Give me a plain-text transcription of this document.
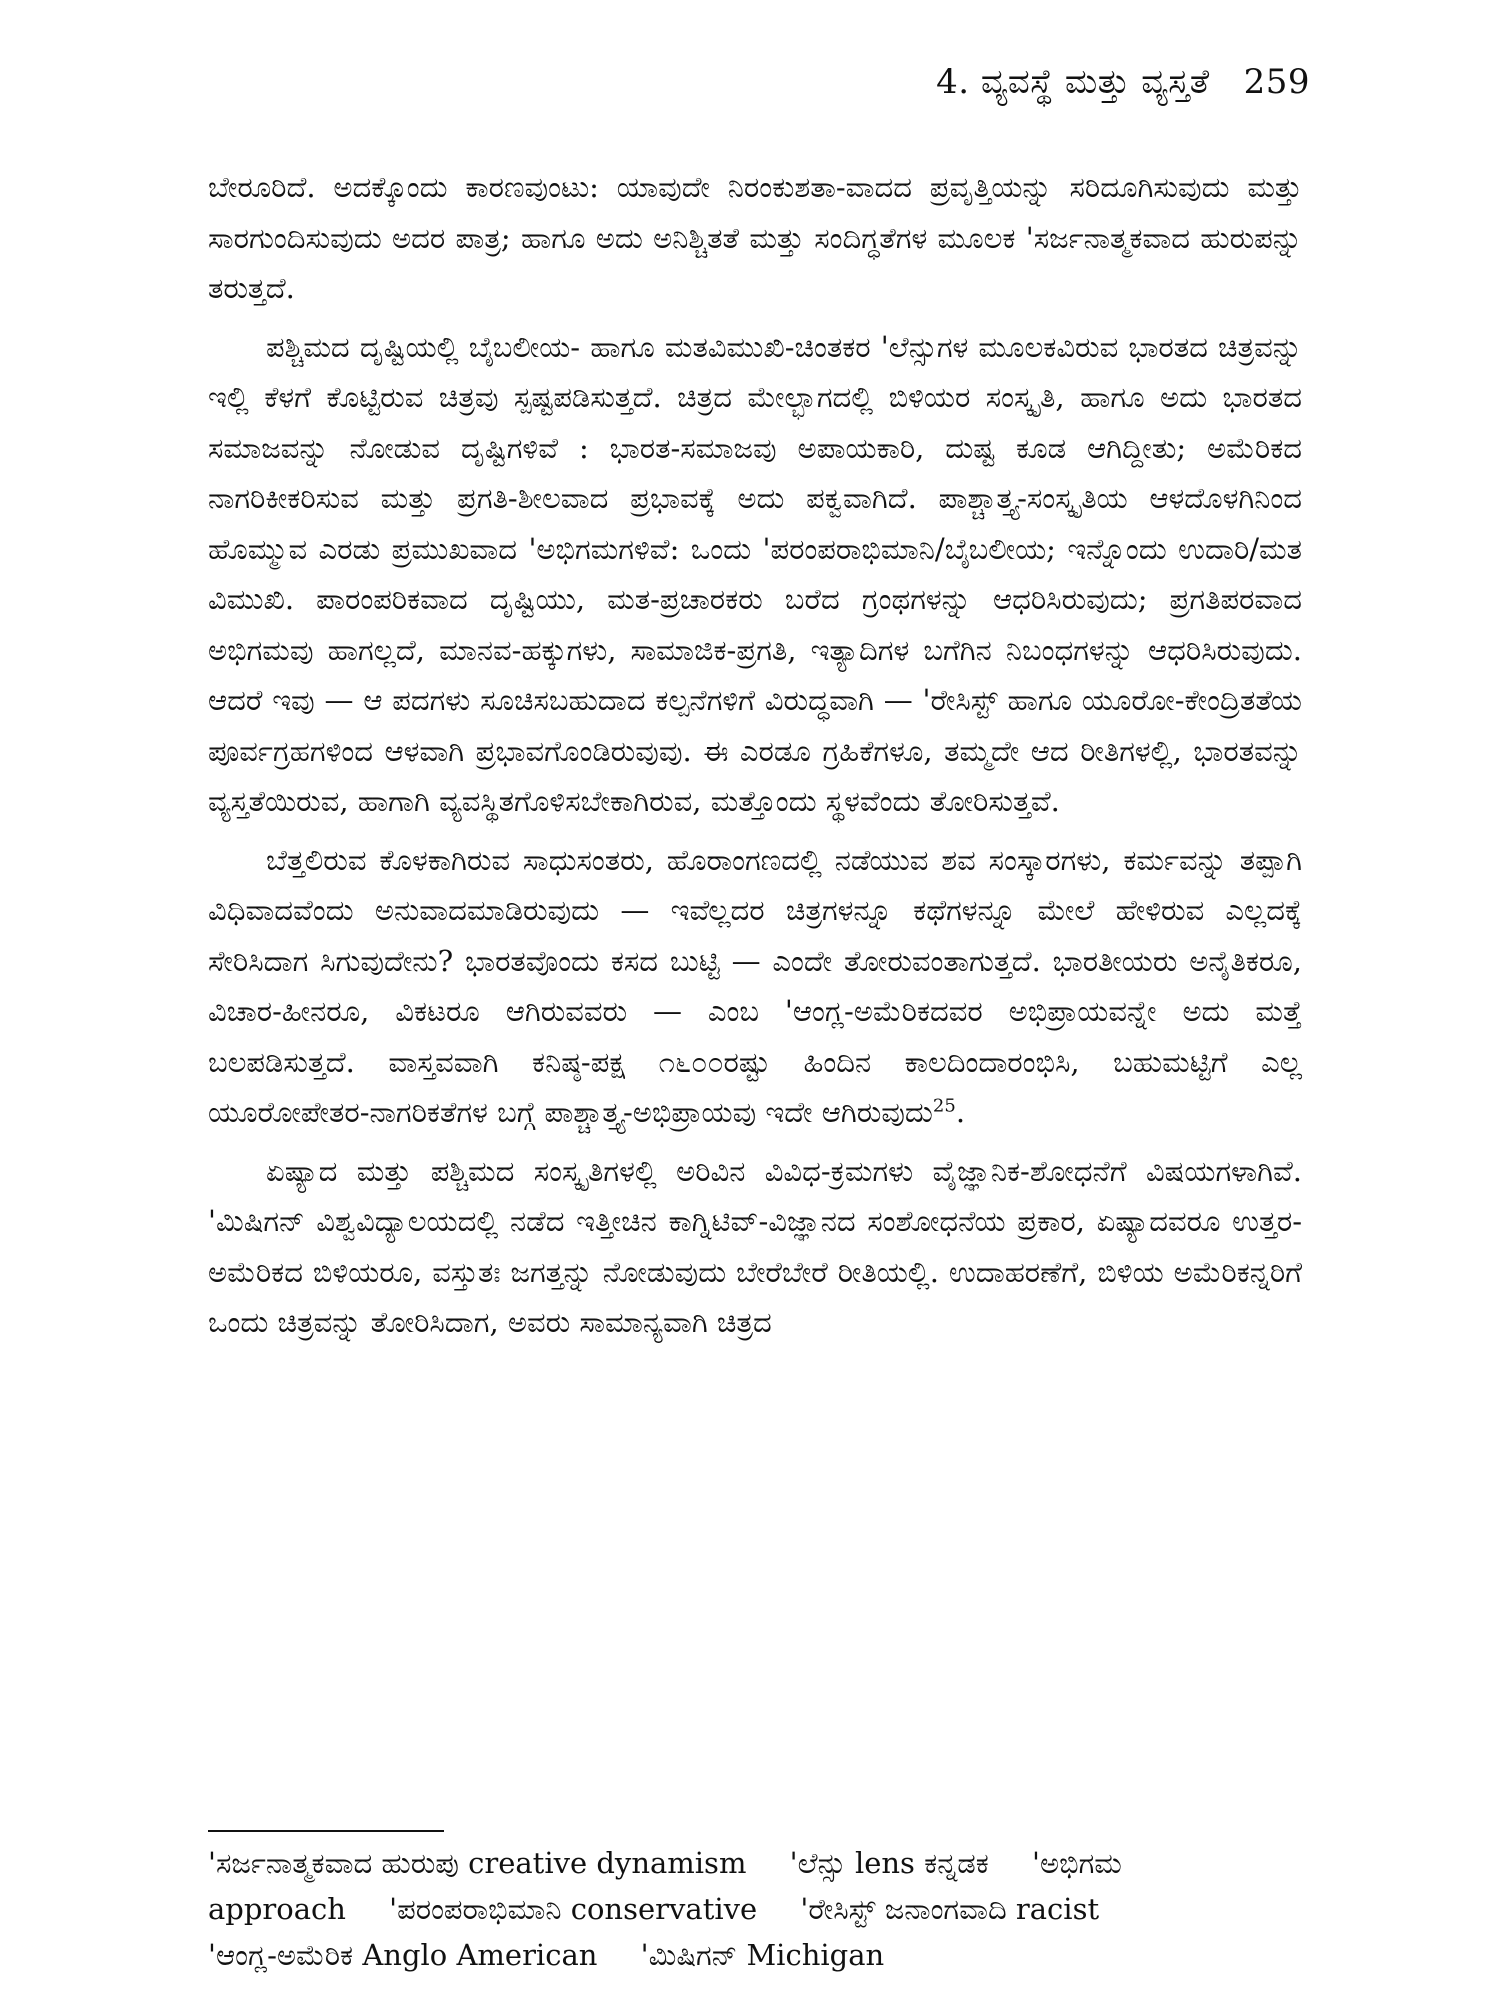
4. ವ್ಯವಸ್ಥೆ ಮತ್ತು ವ್ಯಸ್ತತೆ 259

ಬೇರೂರಿದೆ. ಅದಕ್ಕೊಂದು ಕಾರಣವುಂಟು: ಯಾವುದೇ ನಿರಂಕುಶತಾ-ವಾದದ ಪ್ರವೃತ್ತಿಯನ್ನು ಸರಿದೂಗಿಸುವುದು ಮತ್ತು ಸಾರಗುಂದಿಸುವುದು ಅದರ ಪಾತ್ರ; ಹಾಗೂ ಅದು ಅನಿಶ್ಚಿತತೆ ಮತ್ತು ಸಂದಿಗ್ಧತೆಗಳ ಮೂಲಕ 'ಸರ್ಜನಾತ್ಮಕವಾದ ಹುರುಪನ್ನು ತರುತ್ತದೆ.

ಪಶ್ಚಿಮದ ದೃಷ್ಟಿಯಲ್ಲಿ ಬೈಬಲೀಯ- ಹಾಗೂ ಮತವಿಮುಖಿ-ಚಿಂತಕರ 'ಲೆನ್ಸುಗಳ ಮೂಲಕವಿರುವ ಭಾರತದ ಚಿತ್ರವನ್ನು ಇಲ್ಲಿ ಕೆಳಗೆ ಕೊಟ್ಟಿರುವ ಚಿತ್ರವು ಸ್ಪಷ್ಟಪಡಿಸುತ್ತದೆ. ಚಿತ್ರದ ಮೇಲ್ಭಾಗದಲ್ಲಿ ಬಿಳಿಯರ ಸಂಸ್ಕೃತಿ, ಹಾಗೂ ಅದು ಭಾರತದ ಸಮಾಜವನ್ನು ನೋಡುವ ದೃಷ್ಟಿಗಳಿವೆ : ಭಾರತ-ಸಮಾಜವು ಅಪಾಯಕಾರಿ, ದುಷ್ಟ ಕೂಡ ಆಗಿದ್ದೀತು; ಅಮೆರಿಕದ ನಾಗರಿಕೀಕರಿಸುವ ಮತ್ತು ಪ್ರಗತಿ-ಶೀಲವಾದ ಪ್ರಭಾವಕ್ಕೆ ಅದು ಪಕ್ವವಾಗಿದೆ. ಪಾಶ್ಚಾತ್ತ್ಯ-ಸಂಸ್ಕೃತಿಯ ಆಳದೊಳಗಿನಿಂದ ಹೊಮ್ಮುವ ಎರಡು ಪ್ರಮುಖವಾದ 'ಅಭಿಗಮಗಳಿವೆ: ಒಂದು 'ಪರಂಪರಾಭಿಮಾನಿ/ಬೈಬಲೀಯ; ಇನ್ನೊಂದು ಉದಾರಿ/ಮತ ವಿಮುಖಿ. ಪಾರಂಪರಿಕವಾದ ದೃಷ್ಟಿಯು, ಮತ-ಪ್ರಚಾರಕರು ಬರೆದ ಗ್ರಂಥಗಳನ್ನು ಆಧರಿಸಿರುವುದು; ಪ್ರಗತಿಪರವಾದ ಅಭಿಗಮವು ಹಾಗಲ್ಲದೆ, ಮಾನವ-ಹಕ್ಕುಗಳು, ಸಾಮಾಜಿಕ-ಪ್ರಗತಿ, ಇತ್ಯಾದಿಗಳ ಬಗೆಗಿನ ನಿಬಂಧಗಳನ್ನು ಆಧರಿಸಿರುವುದು. ಆದರೆ ಇವು — ಆ ಪದಗಳು ಸೂಚಿಸಬಹುದಾದ ಕಲ್ಪನೆಗಳಿಗೆ ವಿರುದ್ಧವಾಗಿ — 'ರೇಸಿಸ್ಟ್ ಹಾಗೂ ಯೂರೋ-ಕೇಂದ್ರಿತತೆಯ ಪೂರ್ವಗ್ರಹಗಳಿಂದ ಆಳವಾಗಿ ಪ್ರಭಾವಗೊಂಡಿರುವುವು. ಈ ಎರಡೂ ಗ್ರಹಿಕೆಗಳೂ, ತಮ್ಮದೇ ಆದ ರೀತಿಗಳಲ್ಲಿ, ಭಾರತವನ್ನು ವ್ಯಸ್ತತೆಯಿರುವ, ಹಾಗಾಗಿ ವ್ಯವಸ್ಥಿತಗೊಳಿಸಬೇಕಾಗಿರುವ, ಮತ್ತೊಂದು ಸ್ಥಳವೆಂದು ತೋರಿಸುತ್ತವೆ.

ಬೆತ್ತಲಿರುವ ಕೊಳಕಾಗಿರುವ ಸಾಧುಸಂತರು, ಹೊರಾಂಗಣದಲ್ಲಿ ನಡೆಯುವ ಶವ ಸಂಸ್ಕಾರಗಳು, ಕರ್ಮವನ್ನು ತಪ್ಪಾಗಿ ವಿಧಿವಾದವೆಂದು ಅನುವಾದಮಾಡಿರುವುದು — ಇವೆಲ್ಲದರ ಚಿತ್ರಗಳನ್ನೂ ಕಥೆಗಳನ್ನೂ ಮೇಲೆ ಹೇಳಿರುವ ಎಲ್ಲದಕ್ಕೆ ಸೇರಿಸಿದಾಗ ಸಿಗುವುದೇನು? ಭಾರತವೊಂದು ಕಸದ ಬುಟ್ಟಿ — ಎಂದೇ ತೋರುವಂತಾಗುತ್ತದೆ. ಭಾರತೀಯರು ಅನೈತಿಕರೂ, ವಿಚಾರ-ಹೀನರೂ, ವಿಕಟರೂ ಆಗಿರುವವರು — ಎಂಬ 'ಆಂಗ್ಲ-ಅಮೆರಿಕದವರ ಅಭಿಪ್ರಾಯವನ್ನೇ ಅದು ಮತ್ತೆ ಬಲಪಡಿಸುತ್ತದೆ. ವಾಸ್ತವವಾಗಿ ಕನಿಷ್ಠ-ಪಕ್ಷ ೧೬೦೦ರಷ್ಟು ಹಿಂದಿನ ಕಾಲದಿಂದಾರಂಭಿಸಿ, ಬಹುಮಟ್ಟಿಗೆ ಎಲ್ಲ ಯೂರೋಪೇತರ-ನಾಗರಿಕತೆಗಳ ಬಗ್ಗೆ ಪಾಶ್ಚಾತ್ತ್ಯ-ಅಭಿಪ್ರಾಯವು ಇದೇ ಆಗಿರುವುದು$^{25}$.

ಏಷ್ಯಾದ ಮತ್ತು ಪಶ್ಚಿಮದ ಸಂಸ್ಕೃತಿಗಳಲ್ಲಿ ಅರಿವಿನ ವಿವಿಧ-ಕ್ರಮಗಳು ವೈಜ್ಞಾನಿಕ-ಶೋಧನೆಗೆ ವಿಷಯಗಳಾಗಿವೆ. 'ಮಿಷಿಗನ್ ವಿಶ್ವವಿದ್ಯಾಲಯದಲ್ಲಿ ನಡೆದ ಇತ್ತೀಚಿನ ಕಾಗ್ನಿಟಿವ್-ವಿಜ್ಞಾನದ ಸಂಶೋಧನೆಯ ಪ್ರಕಾರ, ಏಷ್ಯಾದವರೂ ಉತ್ತರ-ಅಮೆರಿಕದ ಬಿಳಿಯರೂ, ವಸ್ತುತಃ ಜಗತ್ತನ್ನು ನೋಡುವುದು ಬೇರೆಬೇರೆ ರೀತಿಯಲ್ಲಿ. ಉದಾಹರಣೆಗೆ, ಬಿಳಿಯ ಅಮೆರಿಕನ್ನರಿಗೆ ಒಂದು ಚಿತ್ರವನ್ನು ತೋರಿಸಿದಾಗ, ಅವರು ಸಾಮಾನ್ಯವಾಗಿ ಚಿತ್ರದ

'ಸರ್ಜನಾತ್ಮಕವಾದ ಹುರುಪು creative dynamism 'ಲೆನ್ಸು lens ಕನ್ನಡಕ 'ಅಭಿಗಮ
approach 'ಪರಂಪರಾಭಿಮಾನಿ conservative 'ರೇಸಿಸ್ಟ್ ಜನಾಂಗವಾದಿ racist
'ಆಂಗ್ಲ-ಅಮೆರಿಕ Anglo American 'ಮಿಷಿಗನ್ Michigan
